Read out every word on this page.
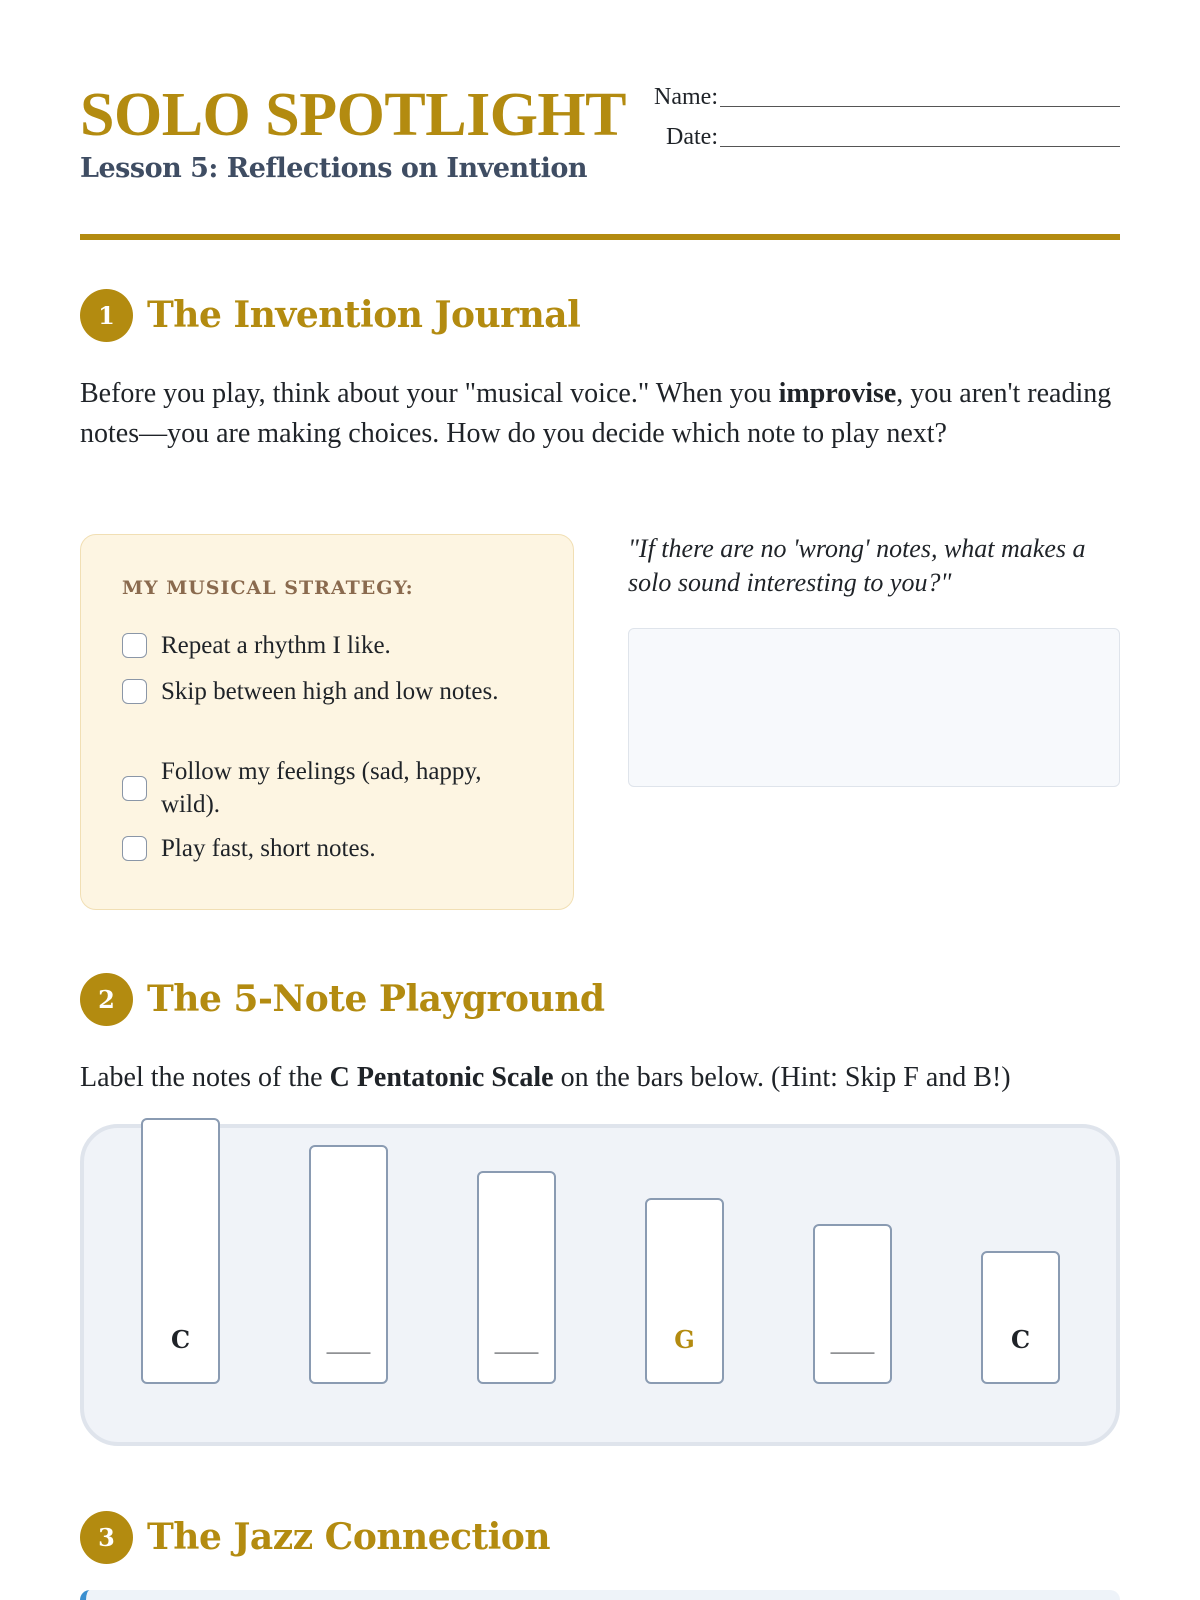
SOLO SPOTLIGHT
Lesson 5: Reflections on Invention
Name:
Date:
1 The Invention Journal

Before you play, think about your "musical voice." When you improvise, you aren't reading notes—you are making choices. How do you decide which note to play next?

MY MUSICAL STRATEGY:
Repeat a rhythm I like.
Skip between high and low notes.
Follow my feelings (sad, happy, wild).
Play fast, short notes.
"If there are no 'wrong' notes, what makes a solo sound interesting to you?"
2 The 5-Note Playground

Label the notes of the C Pentatonic Scale on the bars below. (Hint: Skip F and B!)

C	____	____	G	____	C
3 The Jazz Connection
